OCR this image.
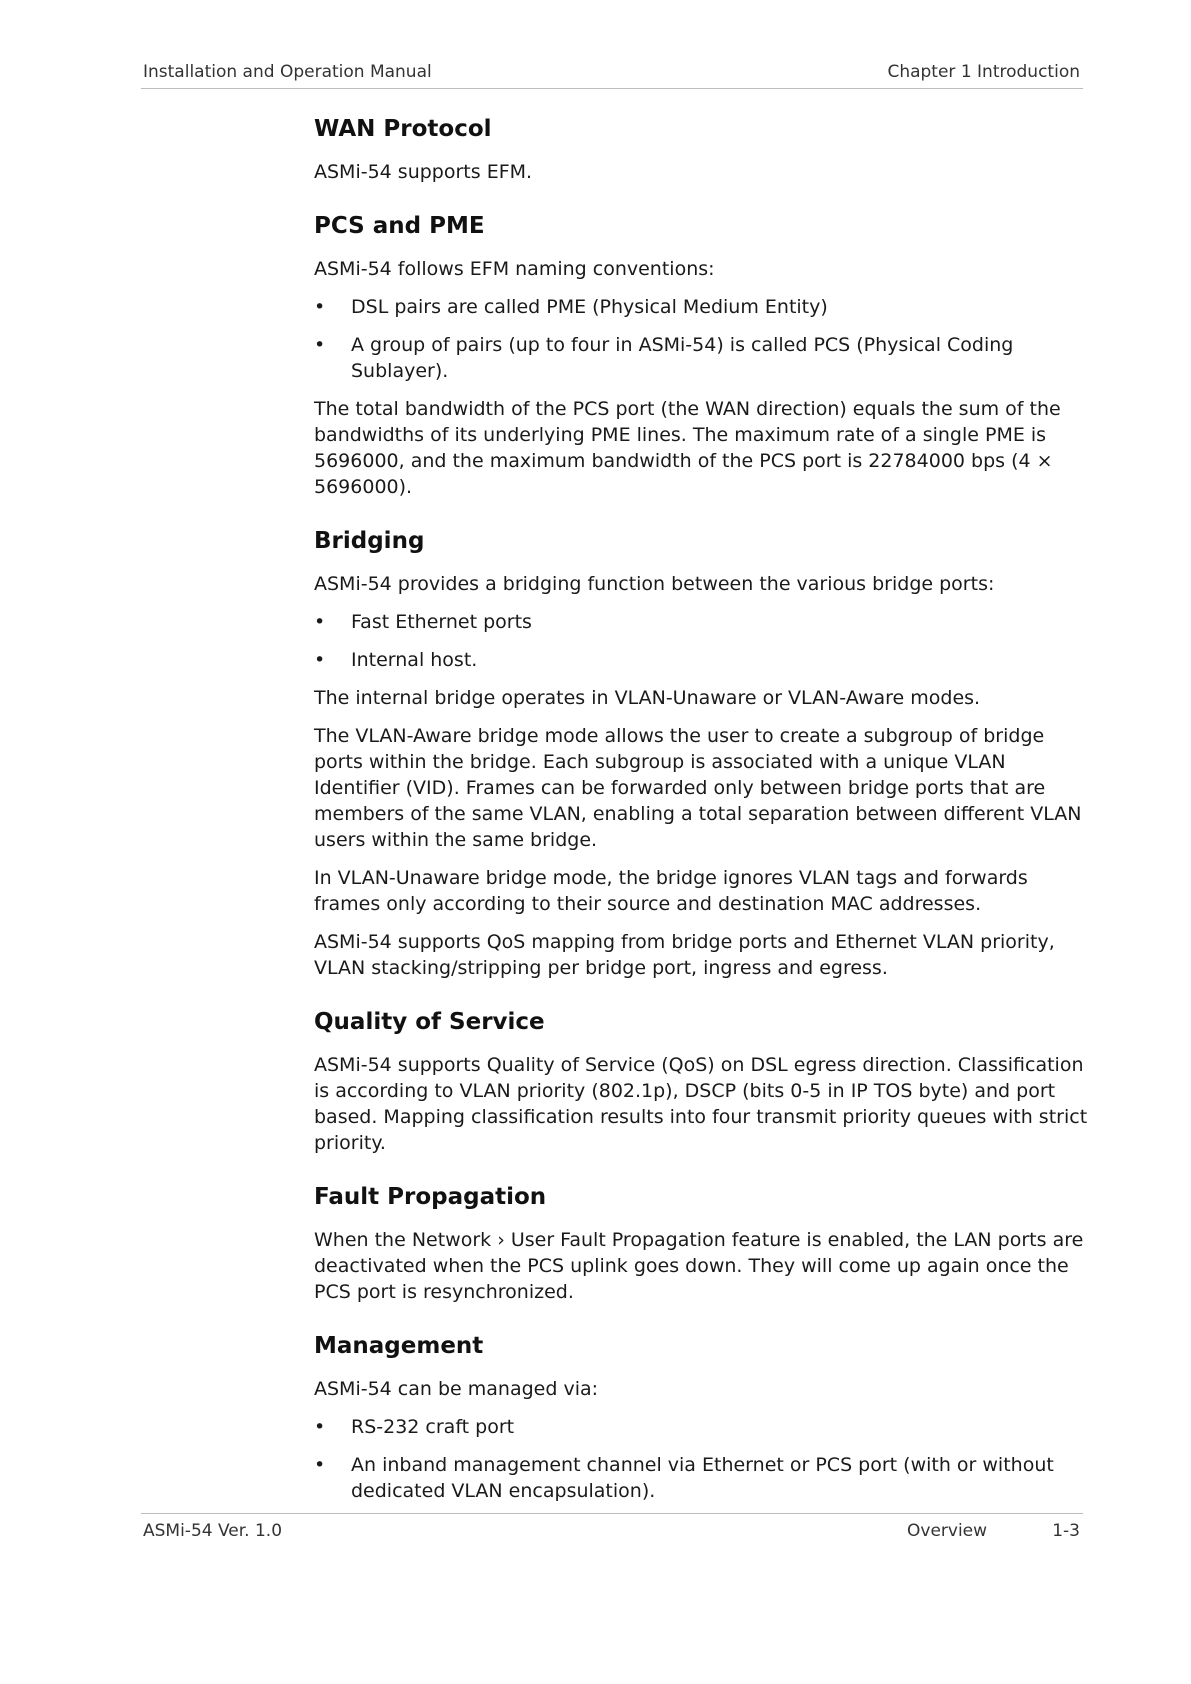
Installation and Operation Manual	Chapter 1 Introduction
WAN Protocol

ASMi-54 supports EFM.

PCS and PME

ASMi-54 follows EFM naming conventions:

•	DSL pairs are called PME (Physical Medium Entity)
•	A group of pairs (up to four in ASMi-54) is called PCS (Physical Coding Sublayer).

The total bandwidth of the PCS port (the WAN direction) equals the sum of the bandwidths of its underlying PME lines. The maximum rate of a single PME is 5696000, and the maximum bandwidth of the PCS port is 22784000 bps (4 × 5696000).

Bridging

ASMi-54 provides a bridging function between the various bridge ports:

•	Fast Ethernet ports
•	Internal host.

The internal bridge operates in VLAN-Unaware or VLAN-Aware modes.

The VLAN-Aware bridge mode allows the user to create a subgroup of bridge ports within the bridge. Each subgroup is associated with a unique VLAN Identifier (VID). Frames can be forwarded only between bridge ports that are members of the same VLAN, enabling a total separation between different VLAN users within the same bridge.

In VLAN-Unaware bridge mode, the bridge ignores VLAN tags and forwards frames only according to their source and destination MAC addresses.

ASMi-54 supports QoS mapping from bridge ports and Ethernet VLAN priority, VLAN stacking/stripping per bridge port, ingress and egress.

Quality of Service

ASMi-54 supports Quality of Service (QoS) on DSL egress direction. Classification is according to VLAN priority (802.1p), DSCP (bits 0-5 in IP TOS byte) and port based. Mapping classification results into four transmit priority queues with strict priority.

Fault Propagation

When the Network › User Fault Propagation feature is enabled, the LAN ports are deactivated when the PCS uplink goes down. They will come up again once the PCS port is resynchronized.

Management

ASMi-54 can be managed via:

•	RS-232 craft port
•	An inband management channel via Ethernet or PCS port (with or without dedicated VLAN encapsulation).
ASMi-54 Ver. 1.0	Overview	1-3
